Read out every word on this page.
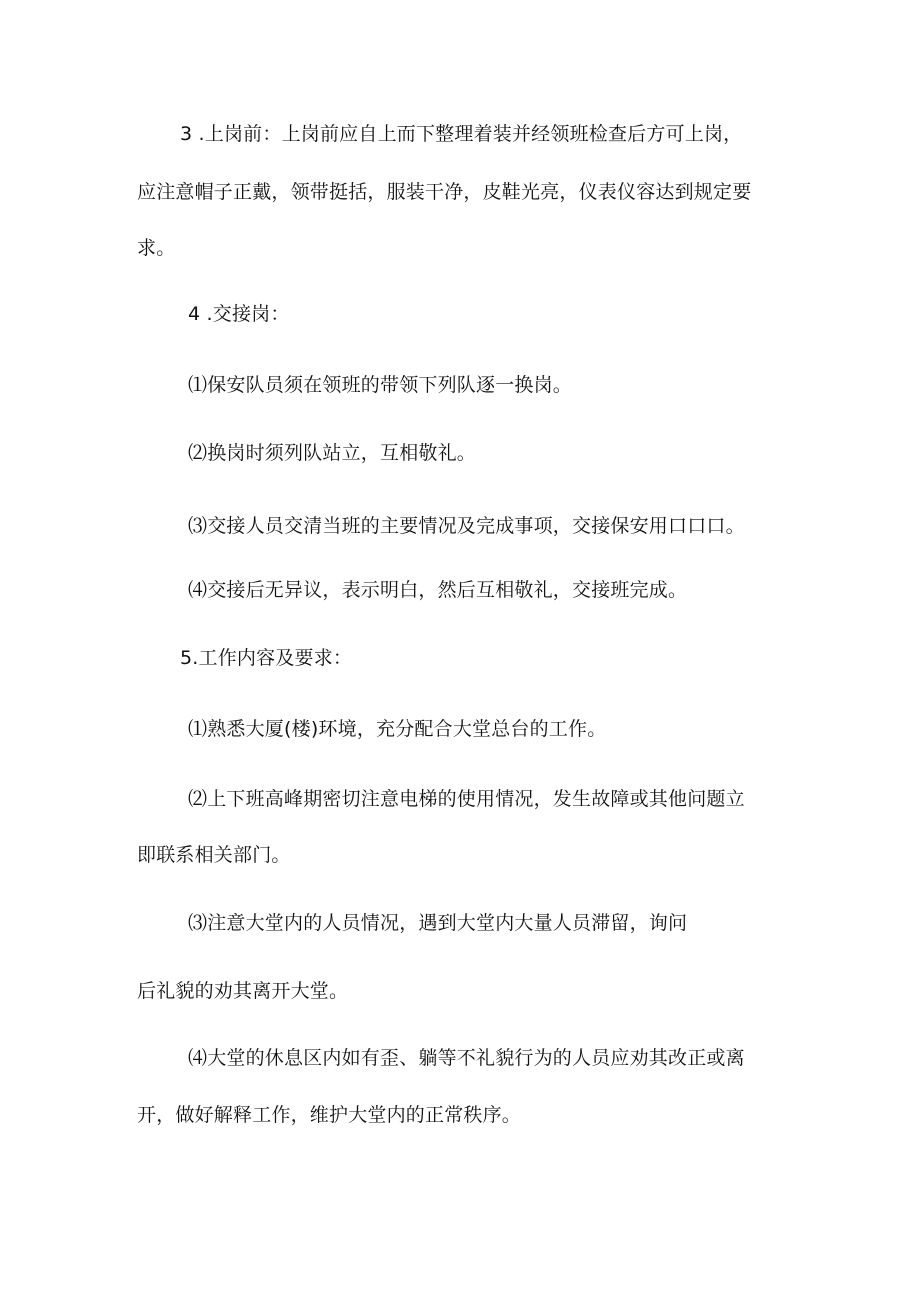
3 .上岗前：上岗前应自上而下整理着装并经领班检查后方可上岗，
应注意帽子正戴，领带挺括，服装干净，皮鞋光亮，仪表仪容达到规定要
求。
4 .交接岗：
⑴保安队员须在领班的带领下列队逐一换岗。
⑵换岗时须列队站立，互相敬礼。
⑶交接人员交清当班的主要情况及完成事项，交接保安用口口口。
⑷交接后无异议，表示明白，然后互相敬礼，交接班完成。
5.工作内容及要求：
⑴熟悉大厦(楼)环境，充分配合大堂总台的工作。
⑵上下班高峰期密切注意电梯的使用情况，发生故障或其他问题立
即联系相关部门。
⑶注意大堂内的人员情况，遇到大堂内大量人员滞留，询问
后礼貌的劝其离开大堂。
⑷大堂的休息区内如有歪、躺等不礼貌行为的人员应劝其改正或离
开，做好解释工作，维护大堂内的正常秩序。
